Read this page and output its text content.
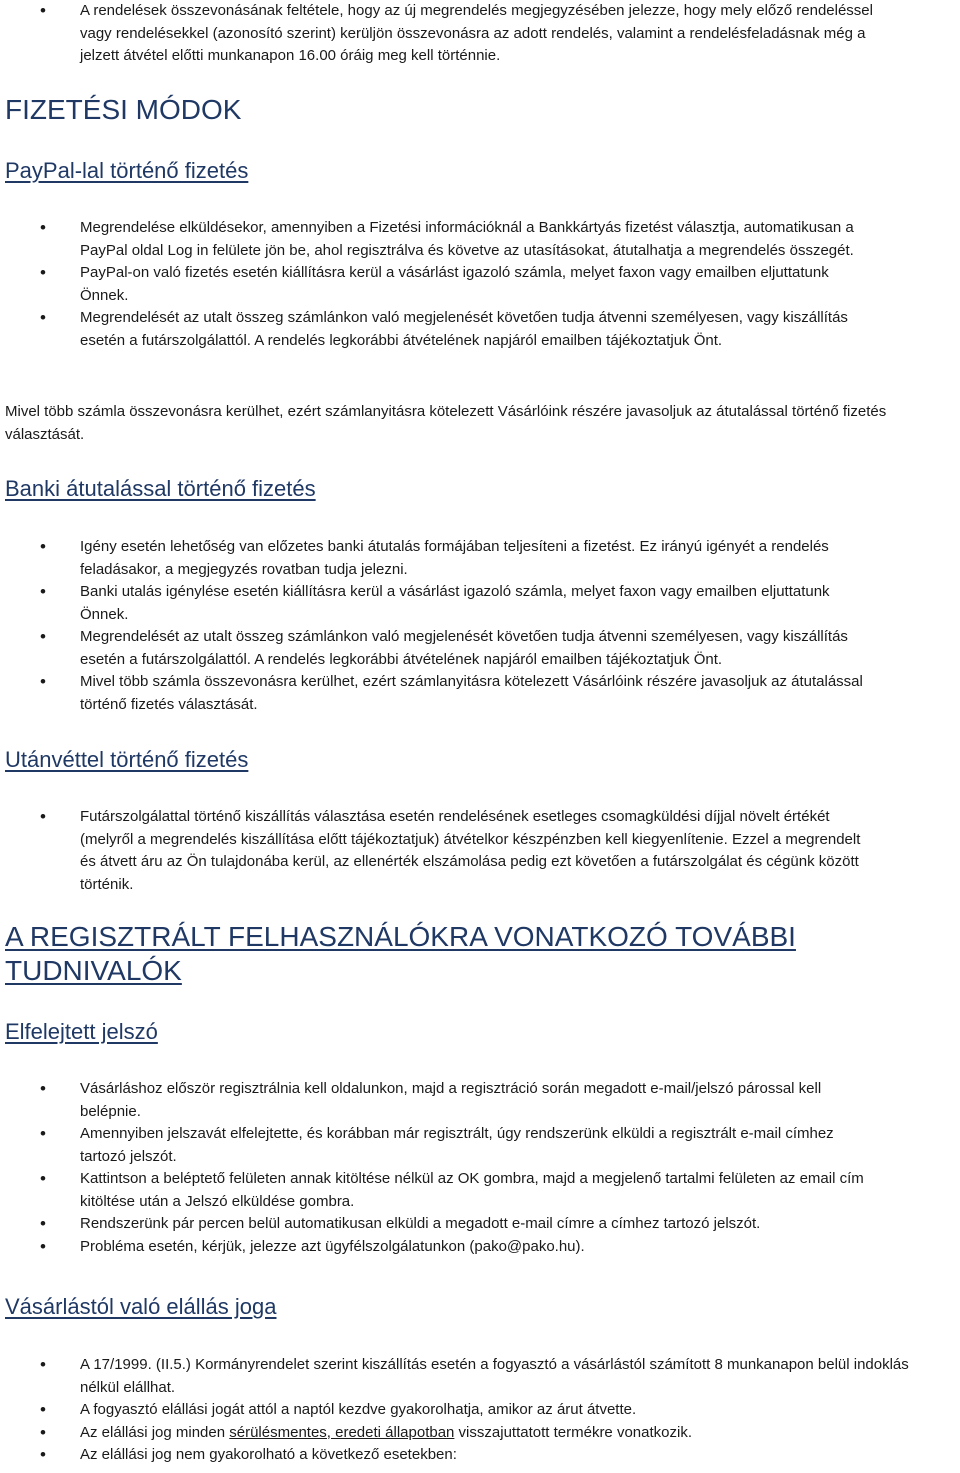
• A rendelések összevonásának feltétele, hogy az új megrendelés megjegyzésében jelezze, hogy mely előző rendeléssel vagy rendelésekkel (azonosító szerint) kerüljön összevonásra az adott rendelés, valamint a rendelésfeladásnak még a jelzett átvétel előtti munkanapon 16.00 óráig meg kell történnie.
FIZETÉSI MÓDOK
PayPal-lal történő fizetés
• Megrendelése elküldésekor, amennyiben a Fizetési információknál a Bankkártyás fizetést választja, automatikusan a PayPal oldal Log in felülete jön be, ahol regisztrálva és követve az utasításokat, átutalhatja a megrendelés összegét.
• PayPal-on való fizetés esetén kiállításra kerül a vásárlást igazoló számla, melyet faxon vagy emailben eljuttatunk Önnek.
• Megrendelését az utalt összeg számlánkon való megjelenését követően tudja átvenni személyesen, vagy kiszállítás esetén a futárszolgálattól. A rendelés legkorábbi átvételének napjáról emailben tájékoztatjuk Önt.

Mivel több számla összevonásra kerülhet, ezért számlanyitásra kötelezett Vásárlóink részére javasoljuk az átutalással történő fizetés választását.

Banki átutalással történő fizetés
• Igény esetén lehetőség van előzetes banki átutalás formájában teljesíteni a fizetést. Ez irányú igényét a rendelés feladásakor, a megjegyzés rovatban tudja jelezni.
• Banki utalás igénylése esetén kiállításra kerül a vásárlást igazoló számla, melyet faxon vagy emailben eljuttatunk Önnek.
• Megrendelését az utalt összeg számlánkon való megjelenését követően tudja átvenni személyesen, vagy kiszállítás esetén a futárszolgálattól. A rendelés legkorábbi átvételének napjáról emailben tájékoztatjuk Önt.
• Mivel több számla összevonásra kerülhet, ezért számlanyitásra kötelezett Vásárlóink részére javasoljuk az átutalással történő fizetés választását.
Utánvéttel történő fizetés
• Futárszolgálattal történő kiszállítás választása esetén rendelésének esetleges csomagküldési díjjal növelt értékét (melyről a megrendelés kiszállítása előtt tájékoztatjuk) átvételkor készpénzben kell kiegyenlítenie. Ezzel a megrendelt és átvett áru az Ön tulajdonába kerül, az ellenérték elszámolása pedig ezt követően a futárszolgálat és cégünk között történik.
A REGISZTRÁLT FELHASZNÁLÓKRA VONATKOZÓ TOVÁBBI TUDNIVALÓK
Elfelejtett jelszó
• Vásárláshoz először regisztrálnia kell oldalunkon, majd a regisztráció során megadott e-mail/jelszó párossal kell belépnie.
• Amennyiben jelszavát elfelejtette, és korábban már regisztrált, úgy rendszerünk elküldi a regisztrált e-mail címhez tartozó jelszót.
• Kattintson a beléptető felületen annak kitöltése nélkül az OK gombra, majd a megjelenő tartalmi felületen az email cím kitöltése után a Jelszó elküldése gombra.
• Rendszerünk pár percen belül automatikusan elküldi a megadott e-mail címre a címhez tartozó jelszót.
• Probléma esetén, kérjük, jelezze azt ügyfélszolgálatunkon (pako@pako.hu).
Vásárlástól való elállás joga
• A 17/1999. (II.5.) Kormányrendelet szerint kiszállítás esetén a fogyasztó a vásárlástól számított 8 munkanapon belül indoklás nélkül elállhat.
• A fogyasztó elállási jogát attól a naptól kezdve gyakorolhatja, amikor az árut átvette.
• Az elállási jog minden sérülésmentes, eredeti állapotban visszajuttatott termékre vonatkozik.
• Az elállási jog nem gyakorolható a következő esetekben:
